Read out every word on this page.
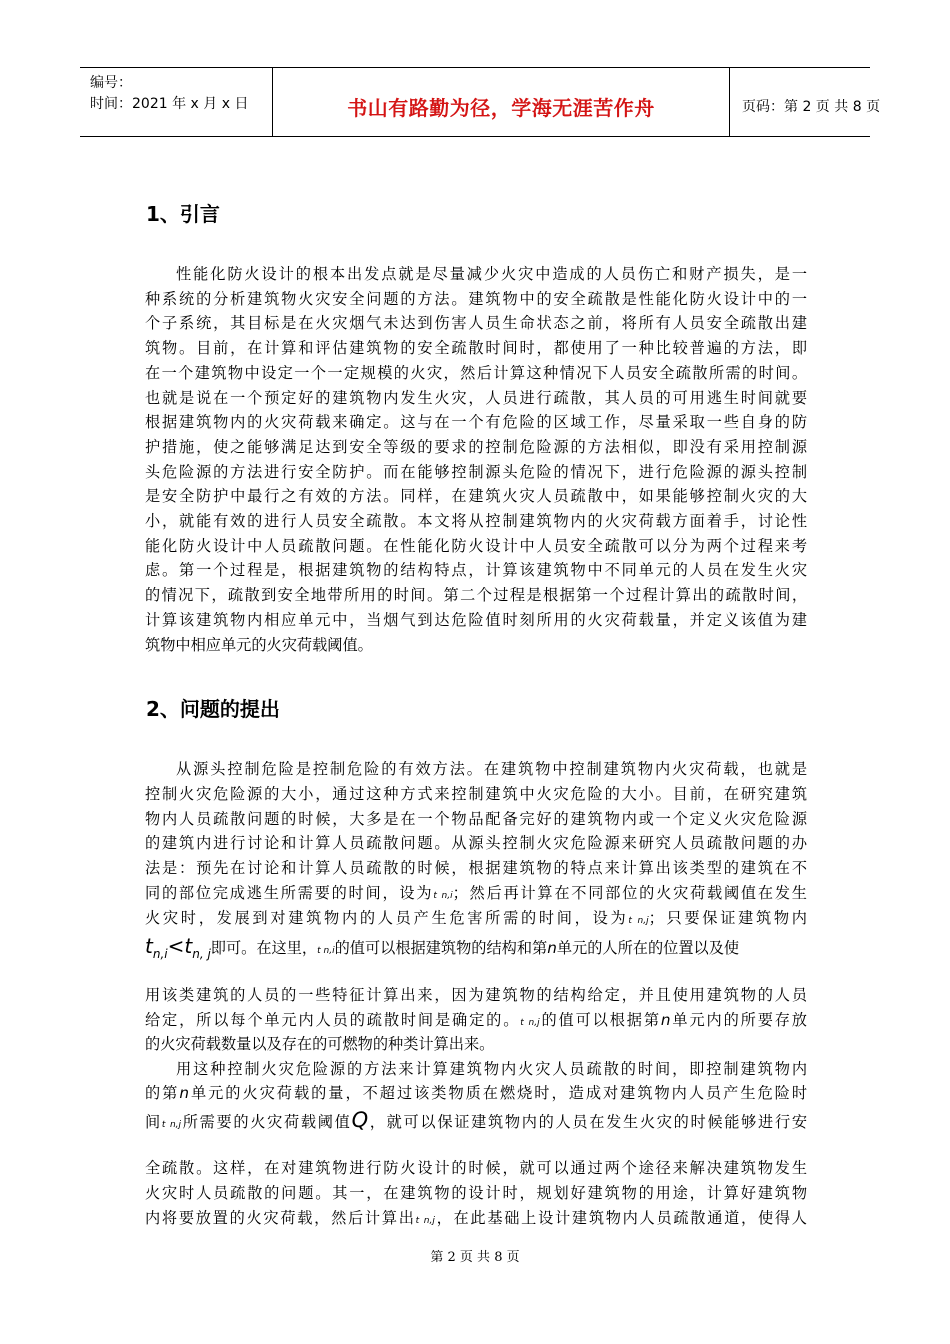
编号：
时间：2021 年 x 月 x 日	书山有路勤为径，学海无涯苦作舟	页码：第 2 页 共 8 页
1、引言
性能化防火设计的根本出发点就是尽量减少火灾中造成的人员伤亡和财产损失，是一
种系统的分析建筑物火灾安全问题的方法。建筑物中的安全疏散是性能化防火设计中的一
个子系统，其目标是在火灾烟气未达到伤害人员生命状态之前，将所有人员安全疏散出建
筑物。目前，在计算和评估建筑物的安全疏散时间时，都使用了一种比较普遍的方法，即
在一个建筑物中设定一个一定规模的火灾，然后计算这种情况下人员安全疏散所需的时间。
也就是说在一个预定好的建筑物内发生火灾，人员进行疏散，其人员的可用逃生时间就要
根据建筑物内的火灾荷载来确定。这与在一个有危险的区域工作，尽量采取一些自身的防
护措施，使之能够满足达到安全等级的要求的控制危险源的方法相似，即没有采用控制源
头危险源的方法进行安全防护。而在能够控制源头危险的情况下，进行危险源的源头控制
是安全防护中最行之有效的方法。同样，在建筑火灾人员疏散中，如果能够控制火灾的大
小，就能有效的进行人员安全疏散。本文将从控制建筑物内的火灾荷载方面着手，讨论性
能化防火设计中人员疏散问题。在性能化防火设计中人员安全疏散可以分为两个过程来考
虑。第一个过程是，根据建筑物的结构特点，计算该建筑物中不同单元的人员在发生火灾
的情况下，疏散到安全地带所用的时间。第二个过程是根据第一个过程计算出的疏散时间，
计算该建筑物内相应单元中，当烟气到达危险值时刻所用的火灾荷载量，并定义该值为建
筑物中相应单元的火灾荷载阈值。
2、问题的提出
从源头控制危险是控制危险的有效方法。在建筑物中控制建筑物内火灾荷载，也就是
控制火灾危险源的大小，通过这种方式来控制建筑中火灾危险的大小。目前，在研究建筑
物内人员疏散问题的时候，大多是在一个物品配备完好的建筑物内或一个定义火灾危险源
的建筑内进行讨论和计算人员疏散问题。从源头控制火灾危险源来研究人员疏散问题的办
法是：预先在讨论和计算人员疏散的时候，根据建筑物的特点来计算出该类型的建筑在不
同的部位完成逃生所需要的时间，设为t n,i；然后再计算在不同部位的火灾荷载阈值在发生
火灾时，发展到对建筑物内的人员产生危害所需的时间，设为t n,j；只要保证建筑物内
$t_{n,i}<t_{n, j}$即可。在这里，t n,i的值可以根据建筑物的结构和第n单元的人所在的位置以及使
用该类建筑的人员的一些特征计算出来，因为建筑物的结构给定，并且使用建筑物的人员
给定，所以每个单元内人员的疏散时间是确定的。t n,j的值可以根据第n单元内的所要存放
的火灾荷载数量以及存在的可燃物的种类计算出来。
用这种控制火灾危险源的方法来计算建筑物内火灾人员疏散的时间，即控制建筑物内
的第n单元的火灾荷载的量，不超过该类物质在燃烧时，造成对建筑物内人员产生危险时
间t n,j所需要的火灾荷载阈值Q，就可以保证建筑物内的人员在发生火灾的时候能够进行安
全疏散。这样，在对建筑物进行防火设计的时候，就可以通过两个途径来解决建筑物发生
火灾时人员疏散的问题。其一，在建筑物的设计时，规划好建筑物的用途，计算好建筑物
内将要放置的火灾荷载，然后计算出t n,j，在此基础上设计建筑物内人员疏散通道，使得人
第 2 页 共 8 页
